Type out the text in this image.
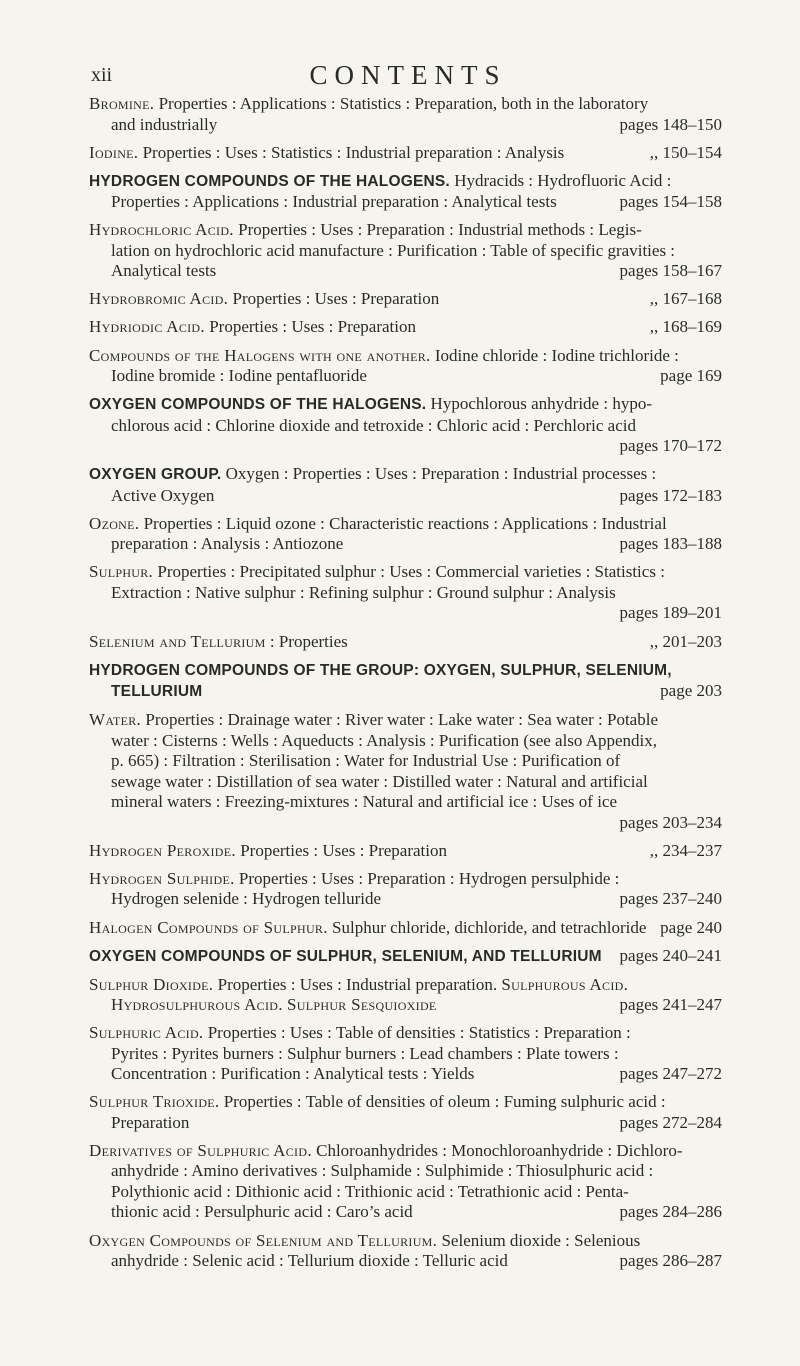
xii	CONTENTS
Bromine. Properties : Applications : Statistics : Preparation, both in the laboratory
and industrially	pages 148–150
Iodine. Properties : Uses : Statistics : Industrial preparation : Analysis	,, 150–154
HYDROGEN COMPOUNDS OF THE HALOGENS. Hydracids : Hydrofluoric Acid :
Properties : Applications : Industrial preparation : Analytical tests	pages 154–158
Hydrochloric Acid. Properties : Uses : Preparation : Industrial methods : Legis-
lation on hydrochloric acid manufacture : Purification : Table of specific gravities :
Analytical tests	pages 158–167
Hydrobromic Acid. Properties : Uses : Preparation	,, 167–168
Hydriodic Acid. Properties : Uses : Preparation	,, 168–169
Compounds of the Halogens with one another. Iodine chloride : Iodine trichloride :
Iodine bromide : Iodine pentafluoride	page 169
OXYGEN COMPOUNDS OF THE HALOGENS. Hypochlorous anhydride : hypo-
chlorous acid : Chlorine dioxide and tetroxide : Chloric acid : Perchloric acid
pages 170–172
OXYGEN GROUP. Oxygen : Properties : Uses : Preparation : Industrial processes :
Active Oxygen	pages 172–183
Ozone. Properties : Liquid ozone : Characteristic reactions : Applications : Industrial
preparation : Analysis : Antiozone	pages 183–188
Sulphur. Properties : Precipitated sulphur : Uses : Commercial varieties : Statistics :
Extraction : Native sulphur : Refining sulphur : Ground sulphur : Analysis
pages 189–201
Selenium and Tellurium : Properties	,, 201–203
HYDROGEN COMPOUNDS OF THE GROUP: OXYGEN, SULPHUR, SELENIUM,
TELLURIUM	page 203
Water. Properties : Drainage water : River water : Lake water : Sea water : Potable
water : Cisterns : Wells : Aqueducts : Analysis : Purification (see also Appendix,
p. 665) : Filtration : Sterilisation : Water for Industrial Use : Purification of
sewage water : Distillation of sea water : Distilled water : Natural and artificial
mineral waters : Freezing-mixtures : Natural and artificial ice : Uses of ice
pages 203–234
Hydrogen Peroxide. Properties : Uses : Preparation	,, 234–237
Hydrogen Sulphide. Properties : Uses : Preparation : Hydrogen persulphide :
Hydrogen selenide : Hydrogen telluride	pages 237–240
Halogen Compounds of Sulphur. Sulphur chloride, dichloride, and tetrachloride page 240
OXYGEN COMPOUNDS OF SULPHUR, SELENIUM, AND TELLURIUM pages 240–241
Sulphur Dioxide. Properties : Uses : Industrial preparation. Sulphurous Acid.
Hydrosulphurous Acid. Sulphur Sesquioxide	pages 241–247
Sulphuric Acid. Properties : Uses : Table of densities : Statistics : Preparation :
Pyrites : Pyrites burners : Sulphur burners : Lead chambers : Plate towers :
Concentration : Purification : Analytical tests : Yields	pages 247–272
Sulphur Trioxide. Properties : Table of densities of oleum : Fuming sulphuric acid :
Preparation	pages 272–284
Derivatives of Sulphuric Acid. Chloroanhydrides : Monochloroanhydride : Dichloro-
anhydride : Amino derivatives : Sulphamide : Sulphimide : Thiosulphuric acid :
Polythionic acid : Dithionic acid : Trithionic acid : Tetrathionic acid : Penta-
thionic acid : Persulphuric acid : Caro’s acid	pages 284–286
Oxygen Compounds of Selenium and Tellurium. Selenium dioxide : Selenious
anhydride : Selenic acid : Tellurium dioxide : Telluric acid	pages 286–287
